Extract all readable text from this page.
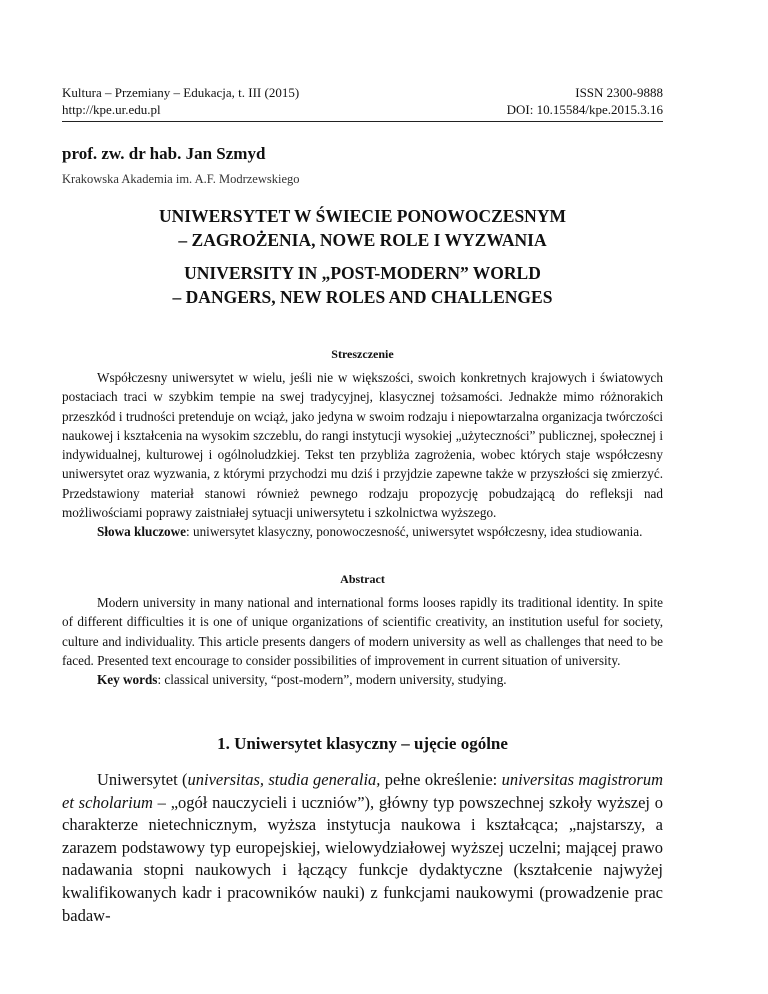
Kultura – Przemiany – Edukacja, t. III (2015)
http://kpe.ur.edu.pl
ISSN 2300-9888
DOI: 10.15584/kpe.2015.3.16
prof. zw. dr hab. Jan Szmyd
Krakowska Akademia im. A.F. Modrzewskiego
UNIWERSYTET W ŚWIECIE PONOWOCZESNYM
– ZAGROŻENIA, NOWE ROLE I WYZWANIA
UNIVERSITY IN „POST-MODERN” WORLD
– DANGERS, NEW ROLES AND CHALLENGES
Streszczenie

Współczesny uniwersytet w wielu, jeśli nie w większości, swoich konkretnych krajowych i światowych postaciach traci w szybkim tempie na swej tradycyjnej, klasycznej tożsamości. Jednakże mimo różnorakich przeszkód i trudności pretenduje on wciąż, jako jedyna w swoim rodzaju i niepowtarzalna organizacja twórczości naukowej i kształcenia na wysokim szczeblu, do rangi instytucji wysokiej „użyteczności” publicznej, społecznej i indywidualnej, kulturowej i ogólnoludzkiej. Tekst ten przybliża zagrożenia, wobec których staje współczesny uniwersytet oraz wyzwania, z którymi przychodzi mu dziś i przyjdzie zapewne także w przyszłości się zmierzyć. Przedstawiony materiał stanowi również pewnego rodzaju propozycję pobudzającą do refleksji nad możliwościami poprawy zaistniałej sytuacji uniwersytetu i szkolnictwa wyższego.

Słowa kluczowe: uniwersytet klasyczny, ponowoczesność, uniwersytet współczesny, idea studiowania.

Abstract

Modern university in many national and international forms looses rapidly its traditional identity. In spite of different difficulties it is one of unique organizations of scientific creativity, an institution useful for society, culture and individuality. This article presents dangers of modern university as well as challenges that need to be faced. Presented text encourage to consider possibilities of improvement in current situation of university.

Key words: classical university, “post-modern”, modern university, studying.

1. Uniwersytet klasyczny – ujęcie ogólne

Uniwersytet (universitas, studia generalia, pełne określenie: universitas magistrorum et scholarium – „ogół nauczycieli i uczniów”), główny typ powszechnej szkoły wyższej o charakterze nietechnicznym, wyższa instytucja naukowa i kształcąca; „najstarszy, a zarazem podstawowy typ europejskiej, wielowydziałowej wyższej uczelni; mającej prawo nadawania stopni naukowych i łączący funkcje dydaktyczne (kształcenie najwyżej kwalifikowanych kadr i pracowników nauki) z funkcjami naukowymi (prowadzenie prac badaw-
